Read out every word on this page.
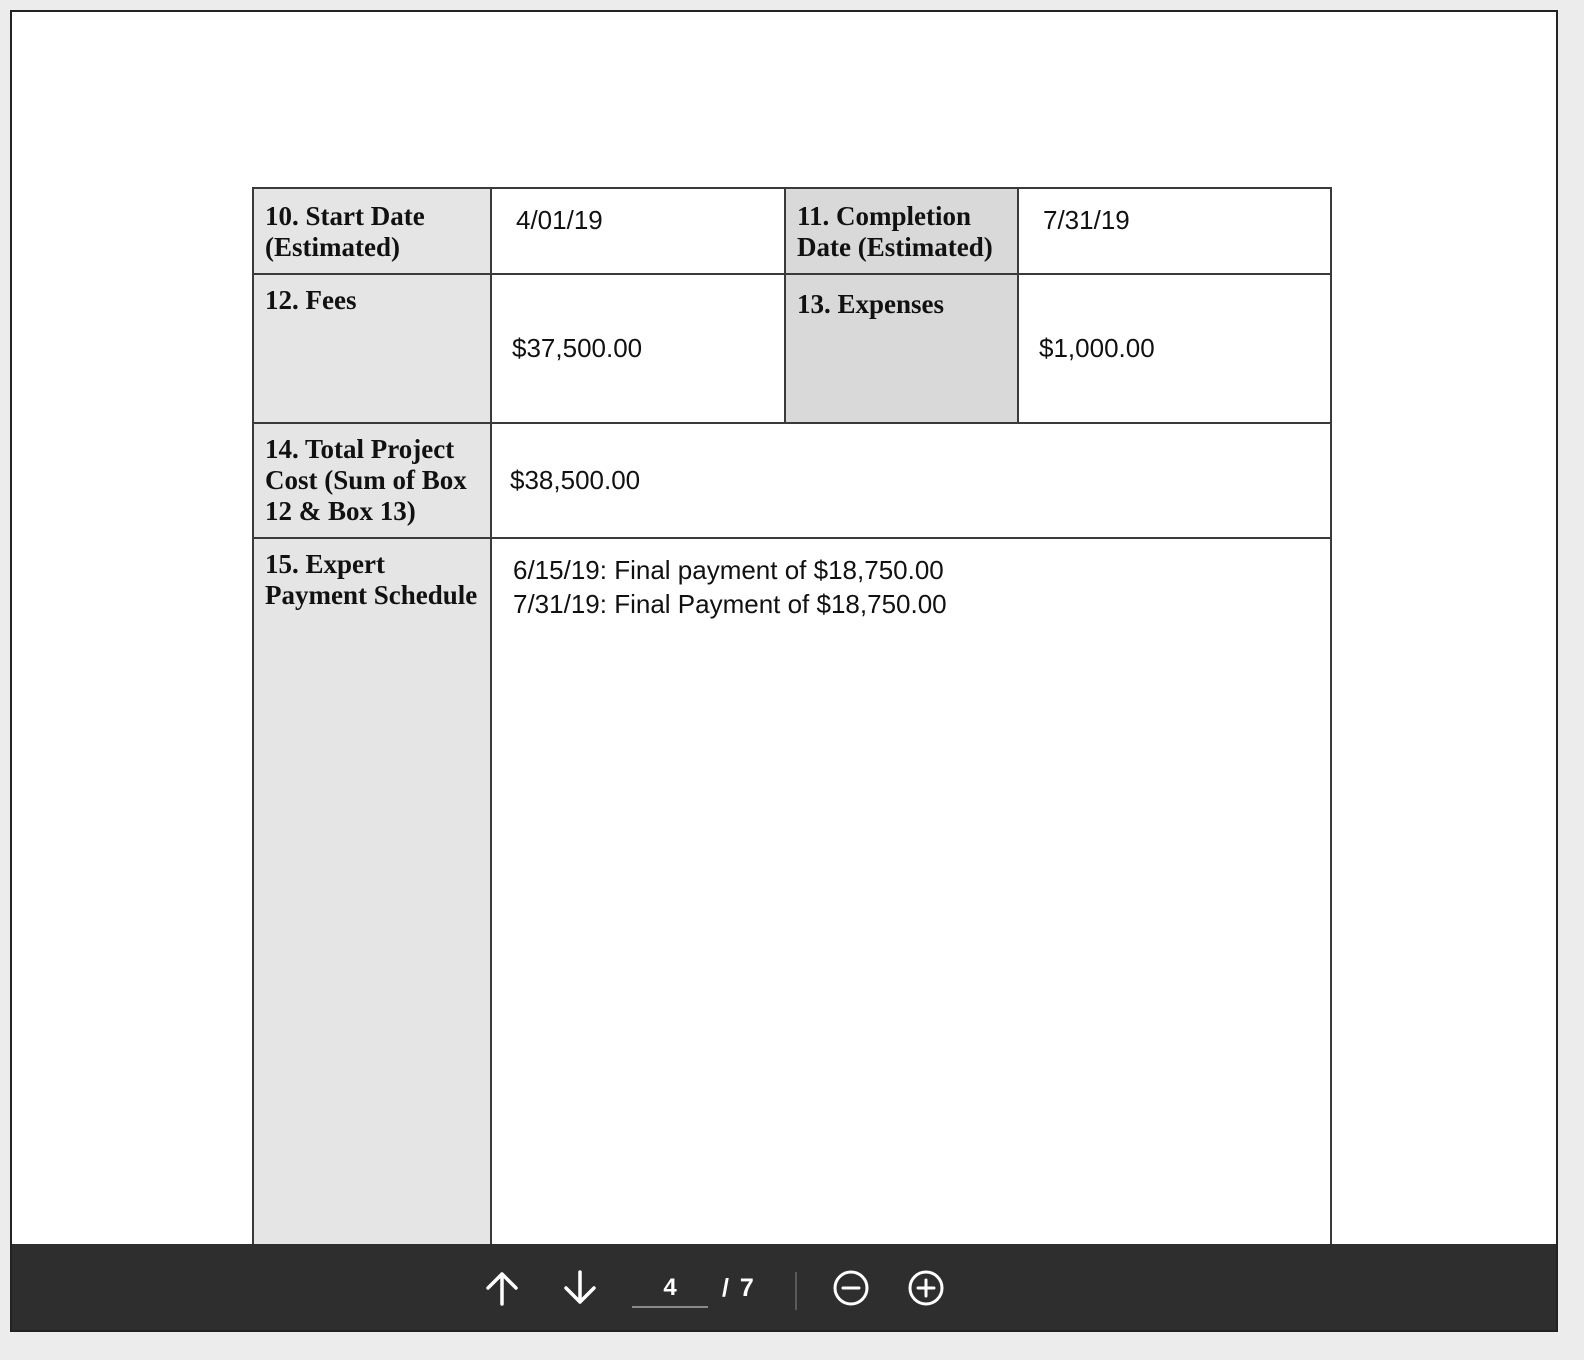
10. Start Date (Estimated)	4/01/19	11. Completion Date (Estimated)	7/31/19
12. Fees	$37,500.00	13. Expenses	$1,000.00
14. Total Project Cost (Sum of Box 12 & Box 13)	$38,500.00		
15. Expert Payment Schedule	6/15/19: Final payment of $18,750.00
7/31/19: Final Payment of $18,750.00		
4
/ 7
